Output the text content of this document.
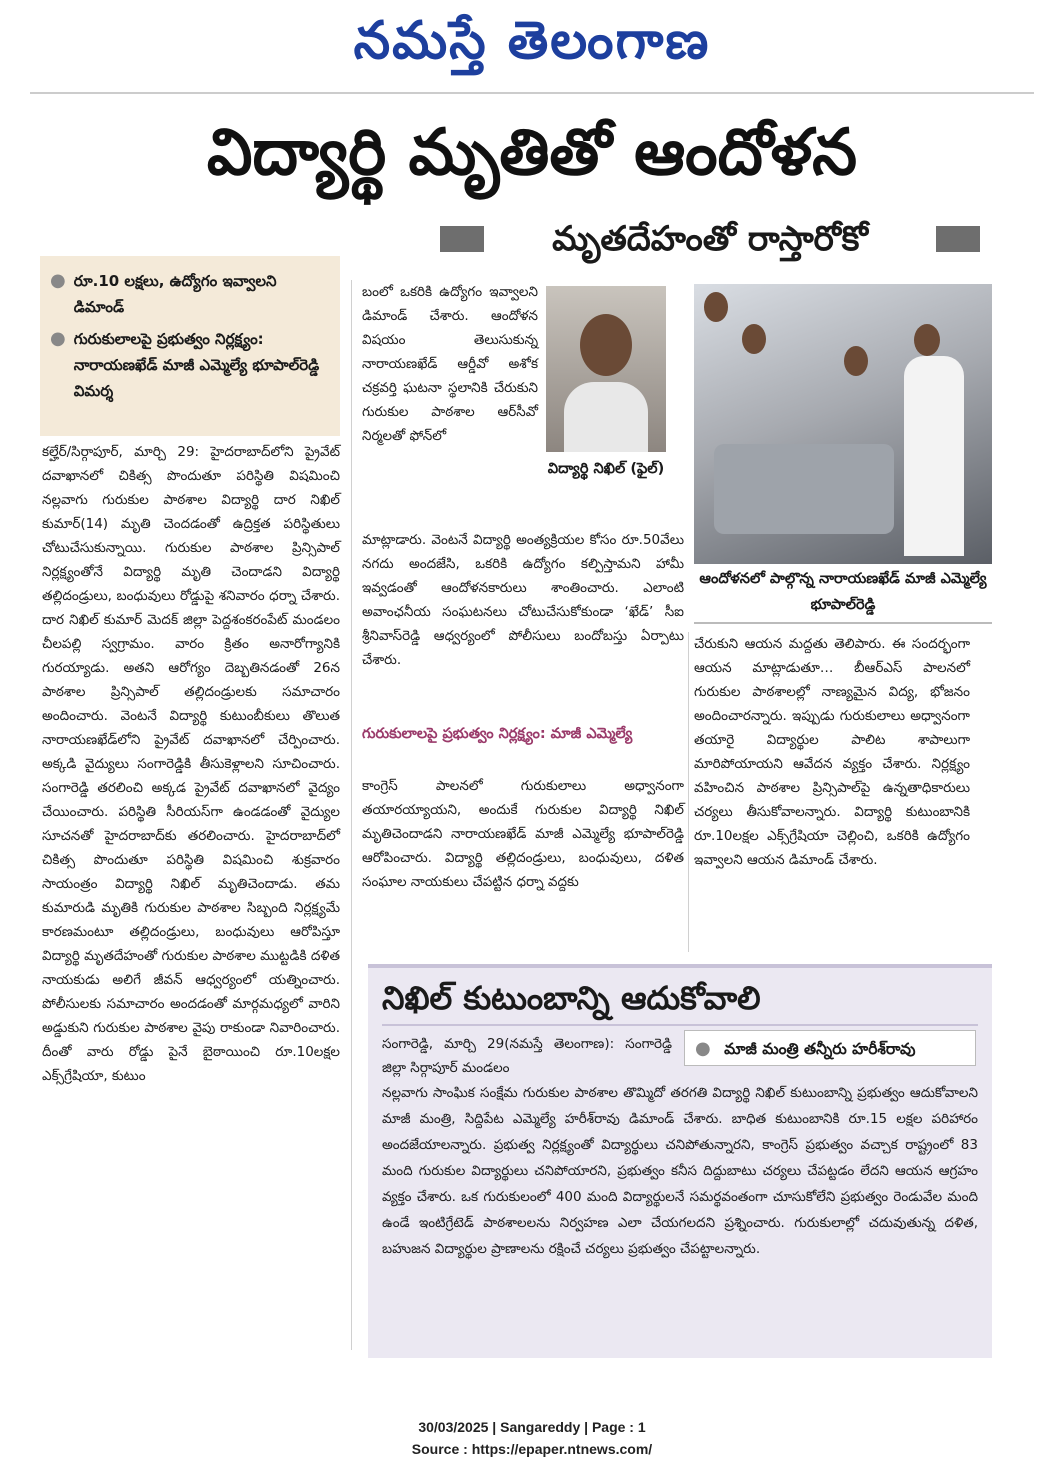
నమస్తే తెలంగాణ
విద్యార్థి మృతితో ఆందోళన
మృతదేహంతో రాస్తారోకో
● రూ.10 లక్షలు, ఉద్యోగం ఇవ్వాలని డిమాండ్
● గురుకులాలపై ప్రభుత్వం నిర్లక్ష్యం: నారాయణఖేడ్ మాజీ ఎమ్మెల్యే భూపాల్‌రెడ్డి విమర్శ

కల్హేర్/సిర్గాపూర్, మార్చి 29: హైదరాబాద్‌లోని ప్రైవేట్ దవాఖానలో చికిత్స పొందుతూ పరిస్థితి విషమించి నల్లవాగు గురుకుల పాఠశాల విద్యార్థి దార నిఖిల్ కుమార్(14) మృతి చెందడంతో ఉద్రిక్తత పరిస్థితులు చోటుచేసుకున్నాయి. గురుకుల పాఠశాల ప్రిన్సిపాల్ నిర్లక్ష్యంతోనే విద్యార్థి మృతి చెందాడని విద్యార్థి తల్లిదండ్రులు, బంధువులు రోడ్డుపై శనివారం ధర్నా చేశారు. దార నిఖిల్ కుమార్ మెదక్ జిల్లా పెద్దశంకరంపేట్ మండలం చీలపల్లి స్వగ్రామం. వారం క్రితం అనారోగ్యానికి గురయ్యాడు. అతని ఆరోగ్యం దెబ్బతినడంతో 26న పాఠశాల ప్రిన్సిపాల్ తల్లిదండ్రులకు సమాచారం అందించారు. వెంటనే విద్యార్థి కుటుంబీకులు తొలుత నారాయణఖేడ్‌లోని ప్రైవేట్ దవాఖానలో చేర్పించారు. అక్కడి వైద్యులు సంగారెడ్డికి తీసుకెళ్లాలని సూచించారు. సంగారెడ్డి తరలించి అక్కడ ప్రైవేట్ దవాఖానలో వైద్యం చేయించారు. పరిస్థితి సీరియస్‌గా ఉండడంతో వైద్యుల సూచనతో హైదరాబాద్‌కు తరలించారు. హైదరాబాద్‌లో చికిత్స పొందుతూ పరిస్థితి విషమించి శుక్రవారం సాయంత్రం విద్యార్థి నిఖిల్ మృతిచెందాడు. తమ కుమారుడి మృతికి గురుకుల పాఠశాల సిబ్బంది నిర్లక్ష్యమే కారణమంటూ తల్లిదండ్రులు, బంధువులు ఆరోపిస్తూ విద్యార్థి మృతదేహంతో గురుకుల పాఠశాల ముట్టడికి దళిత నాయకుడు అలిగే జీవన్ ఆధ్వర్యంలో యత్నించారు. పోలీసులకు సమాచారం అందడంతో మార్గమధ్యలో వారిని అడ్డుకుని గురుకుల పాఠశాల వైపు రాకుండా నివారించారు. దీంతో వారు రోడ్డు పైనే బైఠాయించి రూ.10లక్షల ఎక్స్‌గ్రేషియా, కుటుం

బంలో ఒకరికి ఉద్యోగం ఇవ్వాలని డిమాండ్ చేశారు. ఆందోళన విషయం తెలుసుకున్న నారాయణఖేడ్ ఆర్డీవో అశోక చక్రవర్తి ఘటనా స్థలానికి చేరుకుని గురుకుల పాఠశాల ఆర్‌సీవో నిర్మలతో ఫోన్‌లో

విద్యార్థి నిఖిల్ (ఫైల్)
ఆందోళనలో పాల్గొన్న నారాయణఖేడ్ మాజీ ఎమ్మెల్యే భూపాల్‌రెడ్డి

మాట్లాడారు. వెంటనే విద్యార్థి అంత్యక్రియల కోసం రూ.50వేలు నగదు అందజేసి, ఒకరికి ఉద్యోగం కల్పిస్తామని హామీ ఇవ్వడంతో ఆందోళనకారులు శాంతించారు. ఎలాంటి అవాంఛనీయ సంఘటనలు చోటుచేసుకోకుండా ‘ఖేడ్’ సీఐ శ్రీనివాస్‌రెడ్డి ఆధ్వర్యంలో పోలీసులు బందోబస్తు ఏర్పాటు చేశారు.

గురుకులాలపై ప్రభుత్వం నిర్లక్ష్యం: మాజీ ఎమ్మెల్యే

కాంగ్రెస్ పాలనలో గురుకులాలు అధ్వానంగా తయారయ్యాయని, అందుకే గురుకుల విద్యార్థి నిఖిల్ మృతిచెందాడని నారాయణఖేడ్ మాజీ ఎమ్మెల్యే భూపాల్‌రెడ్డి ఆరోపించారు. విద్యార్థి తల్లిదండ్రులు, బంధువులు, దళిత సంఘాల నాయకులు చేపట్టిన ధర్నా వద్దకు

చేరుకుని ఆయన మద్దతు తెలిపారు. ఈ సందర్భంగా ఆయన మాట్లాడుతూ… బీఆర్‌ఎస్ పాలనలో గురుకుల పాఠశాలల్లో నాణ్యమైన విద్య, భోజనం అందించారన్నారు. ఇప్పుడు గురుకులాలు అధ్వానంగా తయారై విద్యార్థుల పాలిట శాపాలుగా మారిపోయాయని ఆవేదన వ్యక్తం చేశారు. నిర్లక్ష్యం వహించిన పాఠశాల ప్రిన్సిపాల్‌పై ఉన్నతాధికారులు చర్యలు తీసుకోవాలన్నారు. విద్యార్థి కుటుంబానికి రూ.10లక్షల ఎక్స్‌గ్రేషియా చెల్లించి, ఒకరికి ఉద్యోగం ఇవ్వాలని ఆయన డిమాండ్ చేశారు.

నిఖిల్ కుటుంబాన్ని ఆదుకోవాలి
● మాజీ మంత్రి తన్నీరు హరీశ్‌రావు
సంగారెడ్డి, మార్చి 29(నమస్తే తెలంగాణ): సంగారెడ్డి జిల్లా సిర్గాపూర్ మండలం
నల్లవాగు సాంఘిక సంక్షేమ గురుకుల పాఠశాల తొమ్మిదో తరగతి విద్యార్థి నిఖిల్ కుటుంబాన్ని ప్రభుత్వం ఆదుకోవాలని మాజీ మంత్రి, సిద్దిపేట ఎమ్మెల్యే హరీశ్‌రావు డిమాండ్ చేశారు. బాధిత కుటుంబానికి రూ.15 లక్షల పరిహారం అందజేయాలన్నారు. ప్రభుత్వ నిర్లక్ష్యంతో విద్యార్థులు చనిపోతున్నారని, కాంగ్రెస్ ప్రభుత్వం వచ్చాక రాష్ట్రంలో 83 మంది గురుకుల విద్యార్థులు చనిపోయారని, ప్రభుత్వం కనీస దిద్దుబాటు చర్యలు చేపట్టడం లేదని ఆయన ఆగ్రహం వ్యక్తం చేశారు. ఒక గురుకులంలో 400 మంది విద్యార్థులనే సమర్థవంతంగా చూసుకోలేని ప్రభుత్వం రెండువేల మంది ఉండే ఇంటిగ్రేటెడ్ పాఠశాలలను నిర్వహణ ఎలా చేయగలదని ప్రశ్నించారు. గురుకులాల్లో చదువుతున్న దళిత, బహుజన విద్యార్థుల ప్రాణాలను రక్షించే చర్యలు ప్రభుత్వం చేపట్టాలన్నారు.
30/03/2025 | Sangareddy | Page : 1
Source : https://epaper.ntnews.com/
